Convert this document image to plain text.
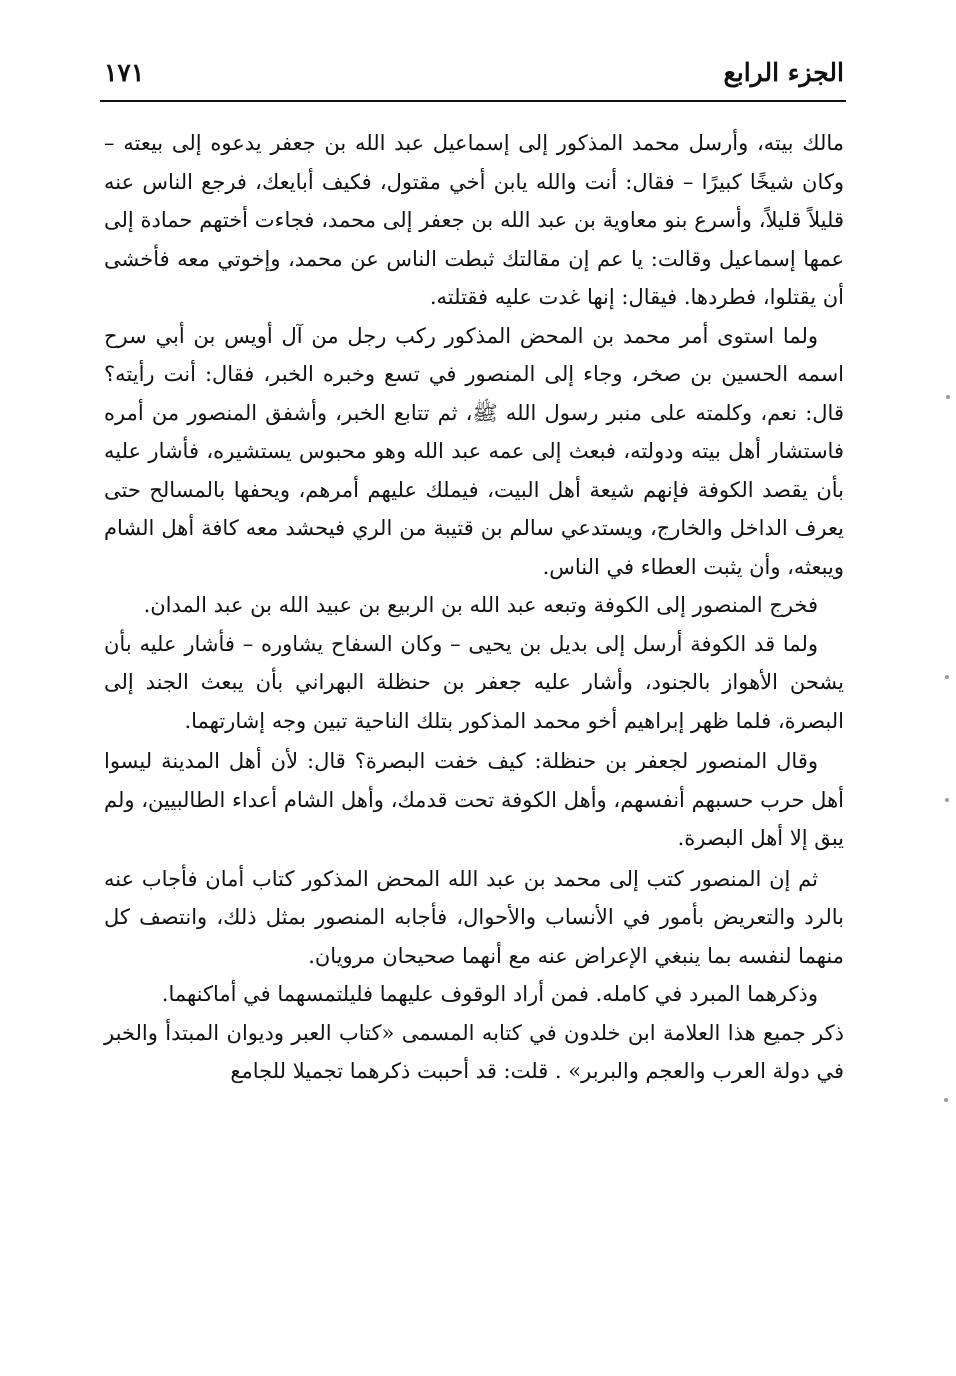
الجزء الرابع
١٧١

مالك بيته، وأرسل محمد المذكور إلى إسماعيل عبد الله بن جعفر يدعوه إلى بيعته – وكان شيخًا كبيرًا – فقال: أنت والله يابن أخي مقتول، فكيف أبايعك، فرجع الناس عنه قليلاً قليلاً، وأسرع بنو معاوية بن عبد الله بن جعفر إلى محمد، فجاءت أختهم حمادة إلى عمها إسماعيل وقالت: يا عم إن مقالتك ثبطت الناس عن محمد، وإخوتي معه فأخشى أن يقتلوا، فطردها. فيقال: إنها غدت عليه فقتلته.

ولما استوى أمر محمد بن المحض المذكور ركب رجل من آل أويس بن أبي سرح اسمه الحسين بن صخر، وجاء إلى المنصور في تسع وخبره الخبر، فقال: أنت رأيته؟ قال: نعم، وكلمته على منبر رسول الله ﷺ، ثم تتابع الخبر، وأشفق المنصور من أمره فاستشار أهل بيته ودولته، فبعث إلى عمه عبد الله وهو محبوس يستشيره، فأشار عليه بأن يقصد الكوفة فإنهم شيعة أهل البيت، فيملك عليهم أمرهم، ويحفها بالمسالح حتى يعرف الداخل والخارج، ويستدعي سالم بن قتيبة من الري فيحشد معه كافة أهل الشام ويبعثه، وأن يثبت العطاء في الناس.

فخرج المنصور إلى الكوفة وتبعه عبد الله بن الربيع بن عبيد الله بن عبد المدان.

ولما قد الكوفة أرسل إلى بديل بن يحيى – وكان السفاح يشاوره – فأشار عليه بأن يشحن الأهواز بالجنود، وأشار عليه جعفر بن حنظلة البهراني بأن يبعث الجند إلى البصرة، فلما ظهر إبراهيم أخو محمد المذكور بتلك الناحية تبين وجه إشارتهما.

وقال المنصور لجعفر بن حنظلة: كيف خفت البصرة؟ قال: لأن أهل المدينة ليسوا أهل حرب حسبهم أنفسهم، وأهل الكوفة تحت قدمك، وأهل الشام أعداء الطالبيين، ولم يبق إلا أهل البصرة.

ثم إن المنصور كتب إلى محمد بن عبد الله المحض المذكور كتاب أمان فأجاب عنه بالرد والتعريض بأمور في الأنساب والأحوال، فأجابه المنصور بمثل ذلك، وانتصف كل منهما لنفسه بما ينبغي الإعراض عنه مع أنهما صحيحان مرويان.

وذكرهما المبرد في كامله. فمن أراد الوقوف عليهما فليلتمسهما في أماكنهما.

ذكر جميع هذا العلامة ابن خلدون في كتابه المسمى «كتاب العبر وديوان المبتدأ والخبر في دولة العرب والعجم والبربر» . قلت: قد أحببت ذكرهما تجميلا للجامع
